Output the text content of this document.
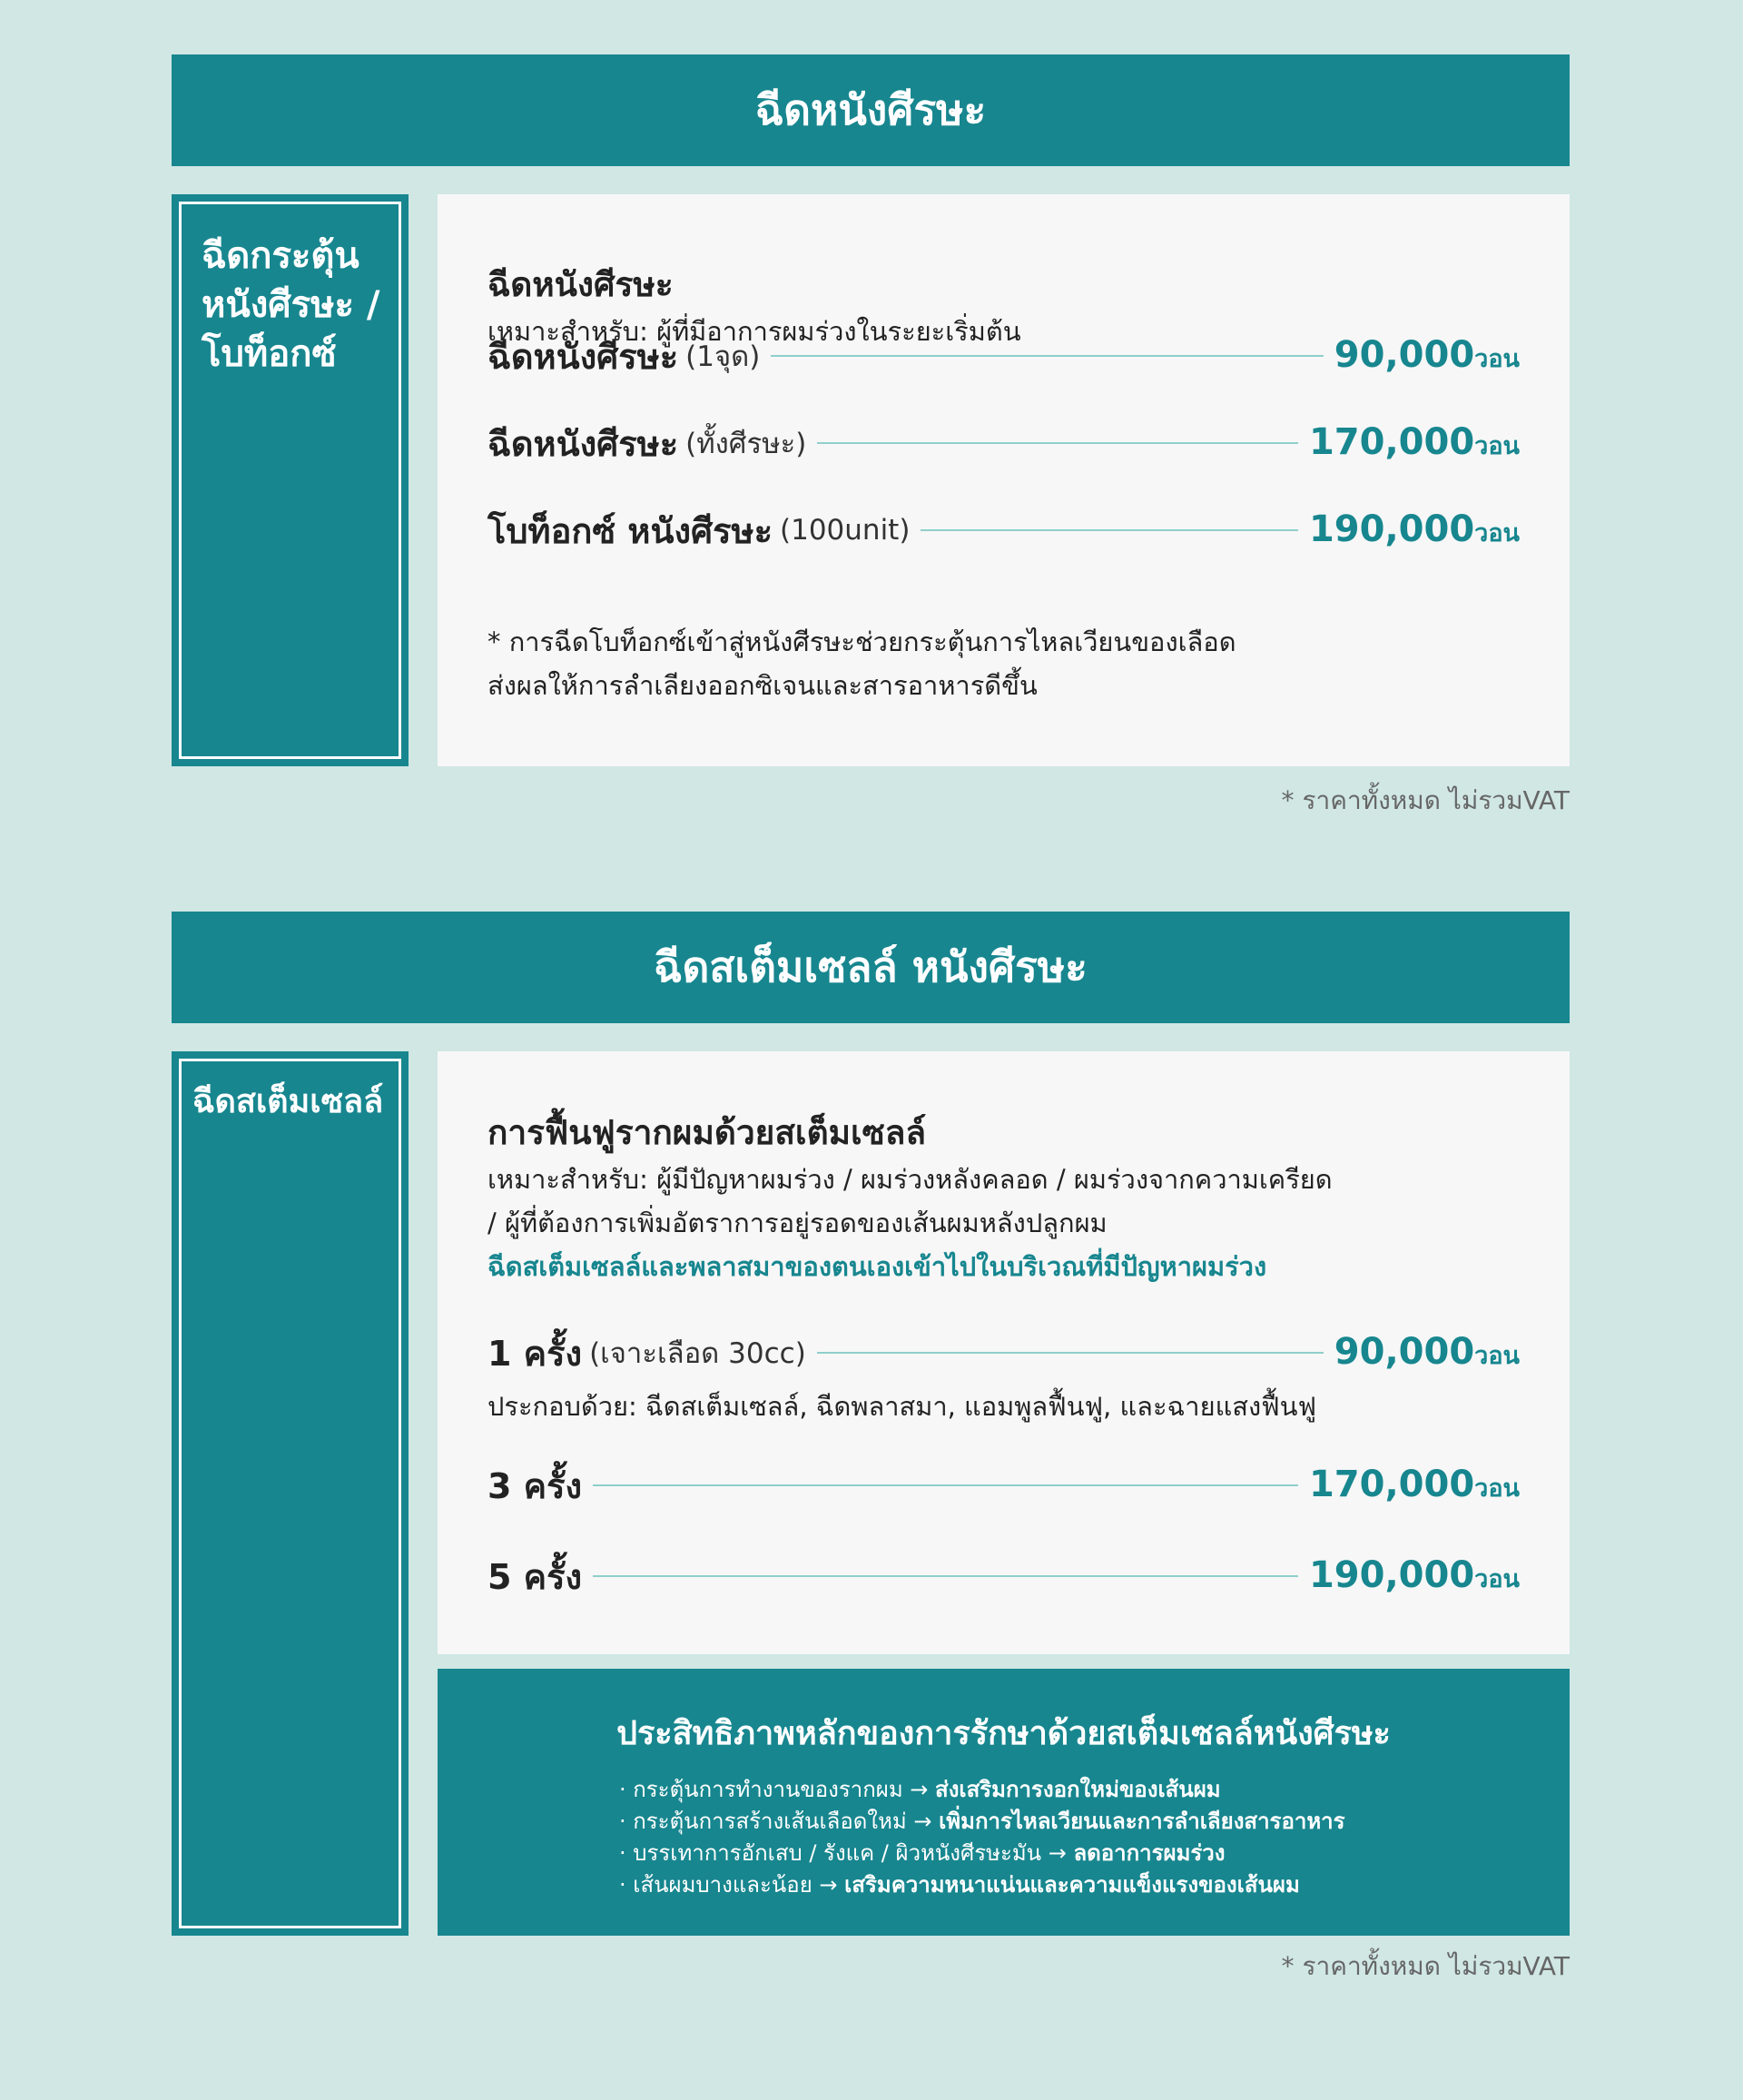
ฉีดหนังศีรษะ
ฉีดกระตุ้น หนังศีรษะ /โบท็อกซ์
ฉีดหนังศีรษะ
เหมาะสำหรับ: ผู้ที่มีอาการผมร่วงในระยะเริ่มต้น
ฉีดหนังศีรษะ (1จุด)	90,000วอน
ฉีดหนังศีรษะ (ทั้งศีรษะ)	170,000วอน
โบท็อกซ์ หนังศีรษะ (100unit)	190,000วอน
* การฉีดโบท็อกซ์เข้าสู่หนังศีรษะช่วยกระตุ้นการไหลเวียนของเลือด
ส่งผลให้การลำเลียงออกซิเจนและสารอาหารดีขึ้น
* ราคาทั้งหมด ไม่รวมVAT
ฉีดสเต็มเซลล์ หนังศีรษะ
ฉีดสเต็มเซลล์
การฟื้นฟูรากผมด้วยสเต็มเซลล์
เหมาะสำหรับ: ผู้มีปัญหาผมร่วง / ผมร่วงหลังคลอด / ผมร่วงจากความเครียด
/ ผู้ที่ต้องการเพิ่มอัตราการอยู่รอดของเส้นผมหลังปลูกผม
ฉีดสเต็มเซลล์และพลาสมาของตนเองเข้าไปในบริเวณที่มีปัญหาผมร่วง
1 ครั้ง (เจาะเลือด 30cc)	90,000วอน
ประกอบด้วย: ฉีดสเต็มเซลล์, ฉีดพลาสมา, แอมพูลฟื้นฟู, และฉายแสงฟื้นฟู
3 ครั้ง	170,000วอน
5 ครั้ง	190,000วอน
ประสิทธิภาพหลักของการรักษาด้วยสเต็มเซลล์หนังศีรษะ
· กระตุ้นการทำงานของรากผม → ส่งเสริมการงอกใหม่ของเส้นผม
· กระตุ้นการสร้างเส้นเลือดใหม่ → เพิ่มการไหลเวียนและการลำเลียงสารอาหาร
· บรรเทาการอักเสบ / รังแค / ผิวหนังศีรษะมัน → ลดอาการผมร่วง
· เส้นผมบางและน้อย → เสริมความหนาแน่นและความแข็งแรงของเส้นผม
* ราคาทั้งหมด ไม่รวมVAT
